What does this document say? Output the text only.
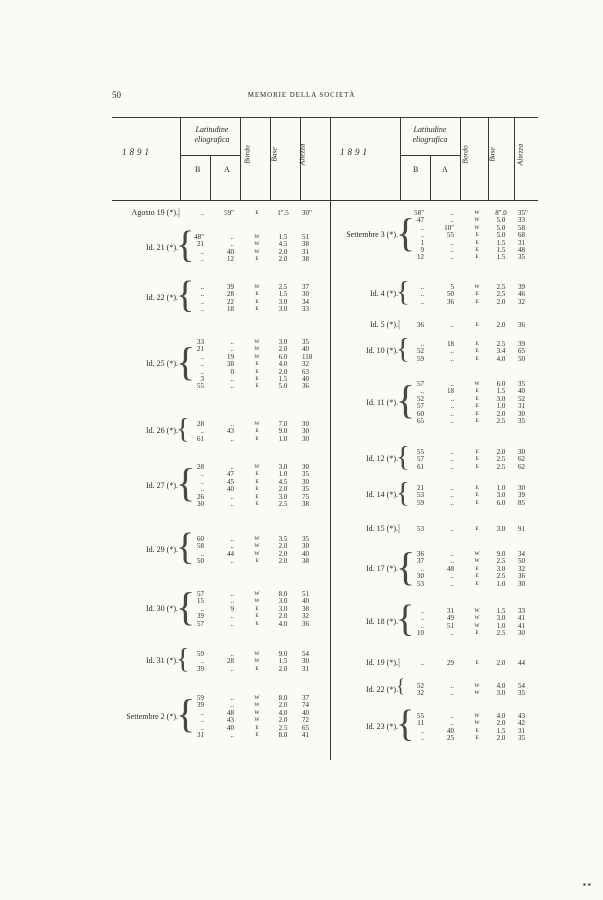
50	MEMORIE DELLA SOCIETÀ
1891
Latitudine eliografica
B	A
Bordo Base	Altezza	1891
Latitudine eliografica
B	A
Bordo Base	Altezza
Agosto 19 (*). |	..	59"	E	1".5	30"
Id. 21 (*).
{ 48"	..	W	1.5	51
21	..	W	4.5	38
..	40	W	2.0	31
..	12	E	2.0	38
Id. 22 (*).
{ ..	39	W	2.5	37
..	28	E	1.5	30
..	22	E	3.0	34
..	18	E	3.0	33
Id. 25 (*).
{ 33	..	W	3.0	35
21	..	W	2.0	40
..	19	W	6.0	118
..	38	E	4.0	32
..	0	E	2.0	63
3	..	E	1.5	40
55	..	E	5.0	36
Id. 26 (*).
{	28	..	W	7.0	30
..	43	E	9.0	30
61	..	E	1.0	30
Id. 27 (*).
{ 28	..	W	3.0	30
..	47	E	1.0	35
..	45	E	4.5	30
..	40	E	2.0	35
26	..	E	3.0	75
30	..	E	2.5	38
Id. 29 (*).
{ 60	..	W	3.5	35
58	..	W	2.0	30
..	44	W	2.0	40
50	..	E	2.0	38
Id. 30 (*).
{ 57	..	W	8.0	51
15	..	W	3.0	40
..	9	E	3.0	38
39	..	E	2.0	32
57	..	E	4.0	36
Id. 31 (*).
{	59	..	W	9.0	54
..	28	W	1.5	30
39	..	E	2.0	31
Settembre 2 (*).
{ 59	..	W	8.0	37
39	..	W	2.0	74
..	48	W	4.0	40
..	43	W	2.0	72
..	40	E	2.5	65
31	..	E	8.0	41
Settembre 3 (*).
{
58"	..	W	8".0	35"
47	..	W	5.0	33
..	10"	W	5.0	58
..	55	E	5.0	68
1	..	E	1.5	31
9	..	E	1.5	48
12	..	E	1.5	35
Id. 4 (*).
{	..	5	W	2.5	39
..	50	E	2.5	46
..	36	E	2.0	32
Id. 5 (*). |	36	..	E	2.0	36
Id. 10 (*).
{	..	18	E	2.5	39
52	..	E	3.4	65
59	..	E	4.0	50
Id. 11 (*).
{ 57	..	W	6.0	35
..	18	E	1.5	40
52	..	E	3.0	52
57	..	E	1.0	31
60	..	E	2.0	30
65	..	E	2.5	35
Id. 12 (*).
{	55	..	E	2.0	30
57	..	E	2.5	62
61	..	E	2.5	62
Id. 14 (*).
{	21	..	E	1.0	30
53	..	E	3.0	39
59	..	E	6.0	85
Id. 15 (*). |	53	..	E	3.0	91
Id. 17 (*).
{ 36	..	W	9.0	34
37	..	W	2.5	50
..	48	E	3.0	32
30	..	E	2.5	36
53	..	E	1.0	30
Id. 18 (*).
{ ..	31	W	1.5	33
..	49	W	3.0	41
..	51	W	1.0	41
10	..	E	2.5	30
Id. 19 (*). |	..	29	E	2.0	44
Id. 22 (*).
{	52	..	W	4.0	54
32	..	W	3.0	35
Id. 23 (*).
{ 55	..	W	4.0	43
11	..	W	2.0	42
..	40	E	1.5	31
..	25	E	2.0	35
▪ ▪
